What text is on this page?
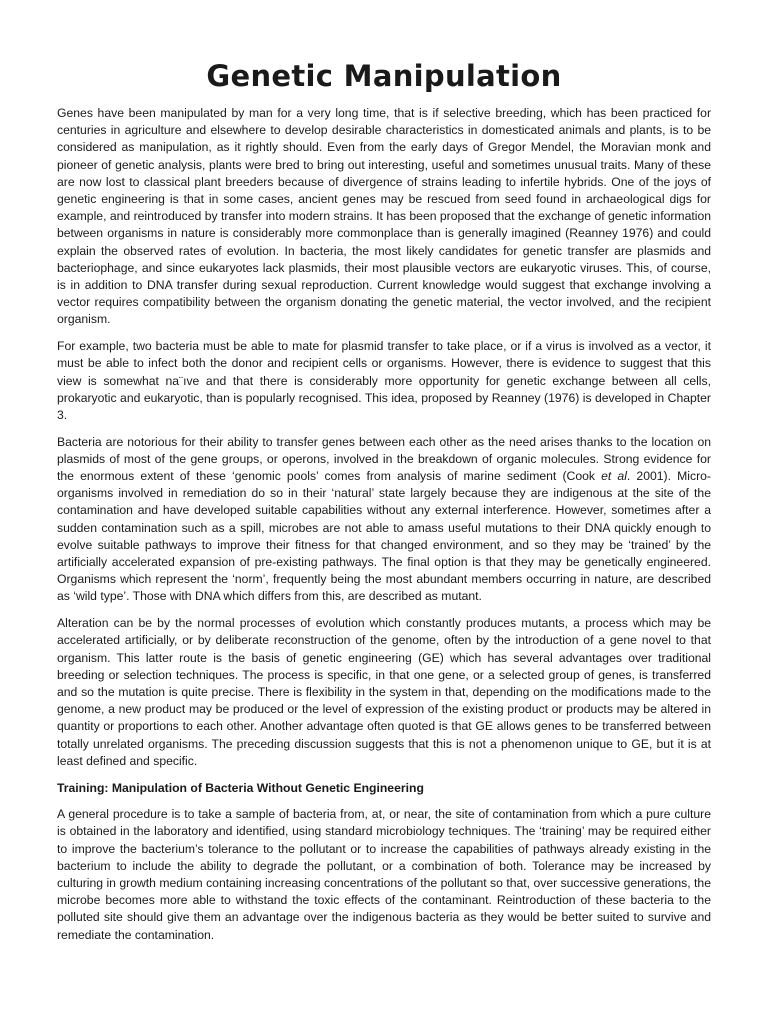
Genetic Manipulation

Genes have been manipulated by man for a very long time, that is if selective breeding, which has been practiced for centuries in agriculture and elsewhere to develop desirable characteristics in domesticated animals and plants, is to be considered as manipulation, as it rightly should. Even from the early days of Gregor Mendel, the Moravian monk and pioneer of genetic analysis, plants were bred to bring out interesting, useful and sometimes unusual traits. Many of these are now lost to classical plant breeders because of divergence of strains leading to infertile hybrids. One of the joys of genetic engineering is that in some cases, ancient genes may be rescued from seed found in archaeological digs for example, and reintroduced by transfer into modern strains. It has been proposed that the exchange of genetic information between organisms in nature is considerably more commonplace than is generally imagined (Reanney 1976) and could explain the observed rates of evolution. In bacteria, the most likely candidates for genetic transfer are plasmids and bacteriophage, and since eukaryotes lack plasmids, their most plausible vectors are eukaryotic viruses. This, of course, is in addition to DNA transfer during sexual reproduction. Current knowledge would suggest that exchange involving a vector requires compatibility between the organism donating the genetic material, the vector involved, and the recipient organism.

For example, two bacteria must be able to mate for plasmid transfer to take place, or if a virus is involved as a vector, it must be able to infect both the donor and recipient cells or organisms. However, there is evidence to suggest that this view is somewhat na¨ıve and that there is considerably more opportunity for genetic exchange between all cells, prokaryotic and eukaryotic, than is popularly recognised. This idea, proposed by Reanney (1976) is developed in Chapter 3.

Bacteria are notorious for their ability to transfer genes between each other as the need arises thanks to the location on plasmids of most of the gene groups, or operons, involved in the breakdown of organic molecules. Strong evidence for the enormous extent of these ‘genomic pools’ comes from analysis of marine sediment (Cook et al. 2001). Micro-organisms involved in remediation do so in their ‘natural’ state largely because they are indigenous at the site of the contamination and have developed suitable capabilities without any external interference. However, sometimes after a sudden contamination such as a spill, microbes are not able to amass useful mutations to their DNA quickly enough to evolve suitable pathways to improve their fitness for that changed environment, and so they may be ‘trained’ by the artificially accelerated expansion of pre-existing pathways. The final option is that they may be genetically engineered. Organisms which represent the ‘norm’, frequently being the most abundant members occurring in nature, are described as ‘wild type’. Those with DNA which differs from this, are described as mutant.

Alteration can be by the normal processes of evolution which constantly produces mutants, a process which may be accelerated artificially, or by deliberate reconstruction of the genome, often by the introduction of a gene novel to that organism. This latter route is the basis of genetic engineering (GE) which has several advantages over traditional breeding or selection techniques. The process is specific, in that one gene, or a selected group of genes, is transferred and so the mutation is quite precise. There is flexibility in the system in that, depending on the modifications made to the genome, a new product may be produced or the level of expression of the existing product or products may be altered in quantity or proportions to each other. Another advantage often quoted is that GE allows genes to be transferred between totally unrelated organisms. The preceding discussion suggests that this is not a phenomenon unique to GE, but it is at least defined and specific.

Training: Manipulation of Bacteria Without Genetic Engineering

A general procedure is to take a sample of bacteria from, at, or near, the site of contamination from which a pure culture is obtained in the laboratory and identified, using standard microbiology techniques. The ‘training’ may be required either to improve the bacterium’s tolerance to the pollutant or to increase the capabilities of pathways already existing in the bacterium to include the ability to degrade the pollutant, or a combination of both. Tolerance may be increased by culturing in growth medium containing increasing concentrations of the pollutant so that, over successive generations, the microbe becomes more able to withstand the toxic effects of the contaminant. Reintroduction of these bacteria to the polluted site should give them an advantage over the indigenous bacteria as they would be better suited to survive and remediate the contamination.
